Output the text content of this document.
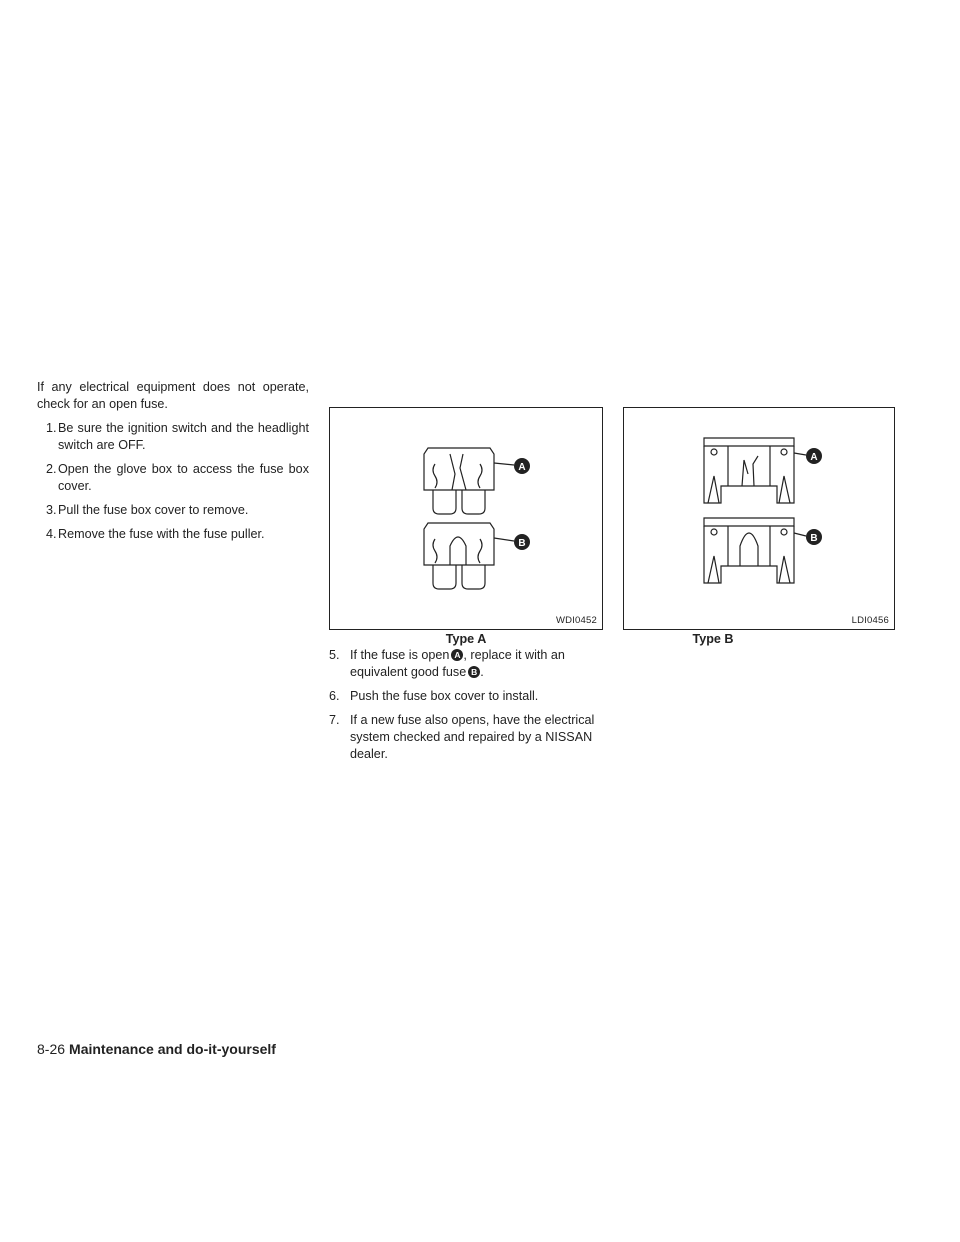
If any electrical equipment does not operate, check for an open fuse.

1. Be sure the ignition switch and the headlight switch are OFF.
2. Open the glove box to access the fuse box cover.
3. Pull the fuse box cover to remove.
4. Remove the fuse with the fuse puller.
A
B
WDI0452
Type A
A
B
LDI0456
Type B
5. If the fuse is open A , replace it with an equivalent good fuse B .
6. Push the fuse box cover to install.
7. If a new fuse also opens, have the electrical system checked and repaired by a NISSAN dealer.
8-26 Maintenance and do-it-yourself
